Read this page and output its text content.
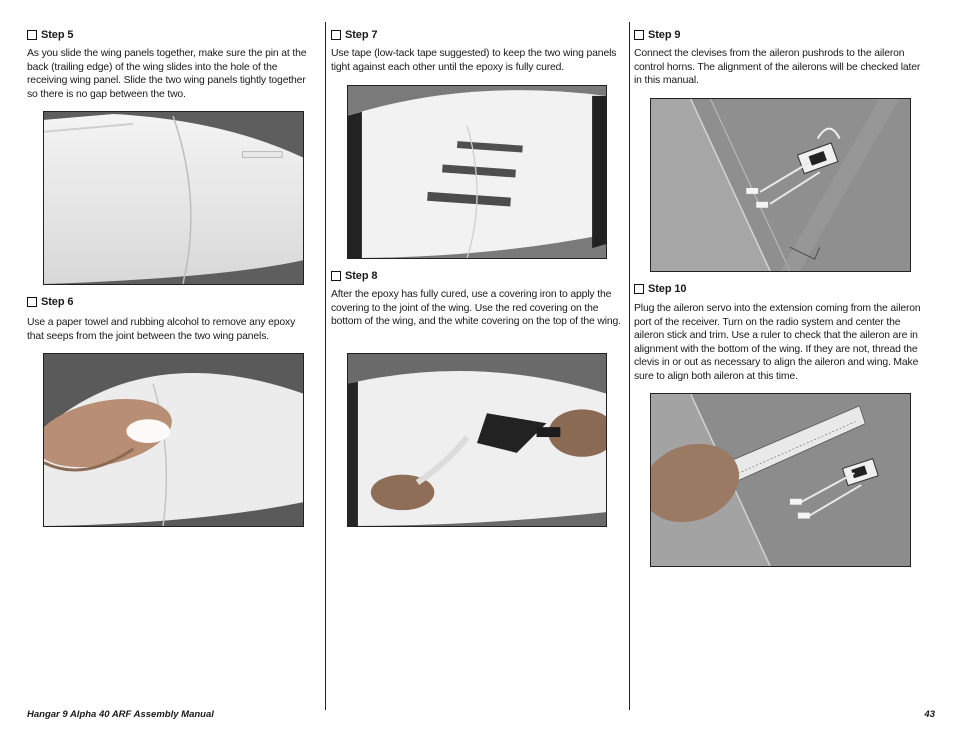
Step 5

As you slide the wing panels together, make sure the pin at the back (trailing edge) of the wing slides into the hole of the receiving wing panel. Slide the two wing panels tightly together so there is no gap between the two.

Step 6

Use a paper towel and rubbing alcohol to remove any epoxy that seeps from the joint between the two wing panels.

Step 7

Use tape (low-tack tape suggested) to keep the two wing panels tight against each other until the epoxy is fully cured.

Step 8

After the epoxy has fully cured, use a covering iron to apply the covering to the joint of the wing. Use the red covering on the bottom of the wing, and the white covering on the top of the wing.

Step 9

Connect the clevises from the aileron pushrods to the aileron control horns. The alignment of the ailerons will be checked later in this manual.

Step 10

Plug the aileron servo into the extension coming from the aileron port of the receiver. Turn on the radio system and center the aileron stick and trim. Use a ruler to check that the aileron are in alignment with the bottom of the wing. If they are not, thread the clevis in or out as necessary to align the aileron and wing. Make sure to align both aileron at this time.

Hangar 9 Alpha 40 ARF Assembly Manual	43
